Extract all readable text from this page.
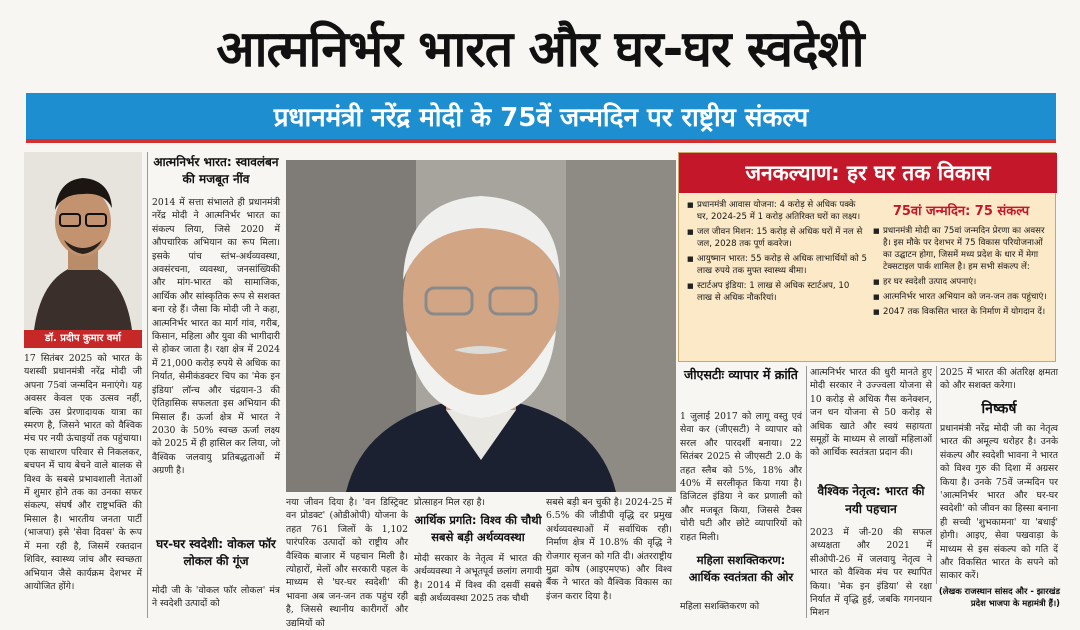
आत्मनिर्भर भारत और घर-घर स्वदेशी
प्रधानमंत्री नरेंद्र मोदी के 75वें जन्मदिन पर राष्ट्रीय संकल्प
डॉ. प्रदीप कुमार वर्मा
17 सितंबर 2025 को भारत के यशस्वी प्रधानमंत्री नरेंद्र मोदी जी अपना 75वां जन्मदिन मनाएंगे। यह अवसर केवल एक उत्सव नहीं, बल्कि उस प्रेरणादायक यात्रा का स्मरण है, जिसने भारत को वैश्विक मंच पर नयी ऊंचाइयों तक पहुंचाया। एक साधारण परिवार से निकलकर, बचपन में चाय बेचने वाले बालक से विश्व के सबसे प्रभावशाली नेताओं में शुमार होने तक का उनका सफर संकल्प, संघर्ष और राष्ट्रभक्ति की मिसाल है। भारतीय जनता पार्टी (भाजपा) इसे 'सेवा दिवस' के रूप में मना रही है, जिसमें रक्तदान शिविर, स्वास्थ्य जांच और स्वच्छता अभियान जैसे कार्यक्रम देशभर में आयोजित होंगे।
आत्मनिर्भर भारत: स्वावलंबन की मजबूत नींव
2014 में सत्ता संभालते ही प्रधानमंत्री नरेंद्र मोदी ने आत्मनिर्भर भारत का संकल्प लिया, जिसे 2020 में औपचारिक अभियान का रूप मिला। इसके पांच स्तंभ-अर्थव्यवस्था, अवसंरचना, व्यवस्था, जनसांख्यिकी और मांग-भारत को सामाजिक, आर्थिक और सांस्कृतिक रूप से सशक्त बना रहे हैं। जैसा कि मोदी जी ने कहा, आत्मनिर्भर भारत का मार्ग गांव, गरीब, किसान, महिला और युवा की भागीदारी से होकर जाता है। रक्षा क्षेत्र में 2024 में 21,000 करोड़ रुपये से अधिक का निर्यात, सेमीकंडक्टर चिप का 'मेक इन इंडिया' लॉन्च और चंद्रयान-3 की ऐतिहासिक सफलता इस अभियान की मिसाल हैं। ऊर्जा क्षेत्र में भारत ने 2030 के 50% स्वच्छ ऊर्जा लक्ष्य को 2025 में ही हासिल कर लिया, जो वैश्विक जलवायु प्रतिबद्धताओं में अग्रणी है।
घर-घर स्वदेशी: वोकल फॉर लोकल की गूंज
मोदी जी के 'वोकल फॉर लोकल' मंत्र ने स्वदेशी उत्पादों को
नया जीवन दिया है। 'वन डिस्ट्रिक्ट वन प्रोडक्ट' (ओडीओपी) योजना के तहत 761 जिलों के 1,102 पारंपरिक उत्पादों को राष्ट्रीय और वैश्विक बाजार में पहचान मिली है। त्योहारों, मेलों और सरकारी पहल के माध्यम से 'घर-घर स्वदेशी' की भावना अब जन-जन तक पहुंच रही है, जिससे स्थानीय कारीगरों और उद्यमियों को
प्रोत्साहन मिल रहा है।
आर्थिक प्रगति: विश्व की चौथी सबसे बड़ी अर्थव्यवस्था
मोदी सरकार के नेतृत्व में भारत की अर्थव्यवस्था ने अभूतपूर्व छलांग लगायी है। 2014 में विश्व की दसवीं सबसे बड़ी अर्थव्यवस्था 2025 तक चौथी
सबसे बड़ी बन चुकी है। 2024-25 में 6.5% की जीडीपी वृद्धि दर प्रमुख अर्थव्यवस्थाओं में सर्वाधिक रही। निर्माण क्षेत्र में 10.8% की वृद्धि ने रोजगार सृजन को गति दी। अंतरराष्ट्रीय मुद्रा कोष (आइएमएफ) और विश्व बैंक ने भारत को वैश्विक विकास का इंजन करार दिया है।
जीएसटीः व्यापार में क्रांति
1 जुलाई 2017 को लागू वस्तु एवं सेवा कर (जीएसटी) ने व्यापार को सरल और पारदर्शी बनाया। 22 सितंबर 2025 से जीएसटी 2.0 के तहत स्लैब को 5%, 18% और 40% में सरलीकृत किया गया है। डिजिटल इंडिया ने कर प्रणाली को और मजबूत किया, जिससे टैक्स चोरी घटी और छोटे व्यापारियों को राहत मिली।
महिला सशक्तिकरण: आर्थिक स्वतंत्रता की ओर
महिला सशक्तिकरण को
आत्मनिर्भर भारत की धुरी मानते हुए मोदी सरकार ने उज्ज्वला योजना से 10 करोड़ से अधिक गैस कनेक्शन, जन धन योजना से 50 करोड़ से अधिक खाते और स्वयं सहायता समूहों के माध्यम से लाखों महिलाओं को आर्थिक स्वतंत्रता प्रदान की।
वैश्विक नेतृत्व: भारत की नयी पहचान
2023 में जी-20 की सफल अध्यक्षता और 2021 में सीओपी-26 में जलवायु नेतृत्व ने भारत को वैश्विक मंच पर स्थापित किया। 'मेक इन इंडिया' से रक्षा निर्यात में वृद्धि हुई, जबकि गगनयान मिशन
2025 में भारत की अंतरिक्ष क्षमता को और सशक्त करेगा।
निष्कर्ष
प्रधानमंत्री नरेंद्र मोदी जी का नेतृत्व भारत की अमूल्य धरोहर है। उनके संकल्प और स्वदेशी भावना ने भारत को विश्व गुरु की दिशा में अग्रसर किया है। उनके 75वें जन्मदिन पर 'आत्मनिर्भर भारत और घर-घर स्वदेशी' को जीवन का हिस्सा बनाना ही सच्ची 'शुभकामना' या 'बधाई' होगी। आइए, सेवा पखवाड़ा के माध्यम से इस संकल्प को गति दें और विकसित भारत के सपने को साकार करें।
(लेखक राजस्थान सांसद और - झारखंड प्रदेश भाजपा के महामंत्री हैं।)
जनकल्याण: हर घर तक विकास
■ प्रधानमंत्री आवास योजना: 4 करोड़ से अधिक पक्के घर, 2024-25 में 1 करोड़ अतिरिक्त घरों का लक्ष्य।
■ जल जीवन मिशन: 15 करोड़ से अधिक घरों में नल से जल, 2028 तक पूर्ण कवरेज।
■ आयुष्मान भारत: 55 करोड़ से अधिक लाभार्थियों को 5 लाख रुपये तक मुफ्त स्वास्थ्य बीमा।
■ स्टार्टअप इंडिया: 1 लाख से अधिक स्टार्टअप, 10 लाख से अधिक नौकरियां।
75वां जन्मदिन: 75 संकल्प
■ प्रधानमंत्री मोदी का 75वां जन्मदिन प्रेरणा का अवसर है। इस मौके पर देशभर में 75 विकास परियोजनाओं का उद्घाटन होगा, जिसमें मध्य प्रदेश के धार में मेगा टेक्सटाइल पार्क शामिल है। हम सभी संकल्प लें:
■ हर घर स्वदेशी उत्पाद अपनाएं।
■ आत्मनिर्भर भारत अभियान को जन-जन तक पहुंचाएं।
■ 2047 तक विकसित भारत के निर्माण में योगदान दें।
